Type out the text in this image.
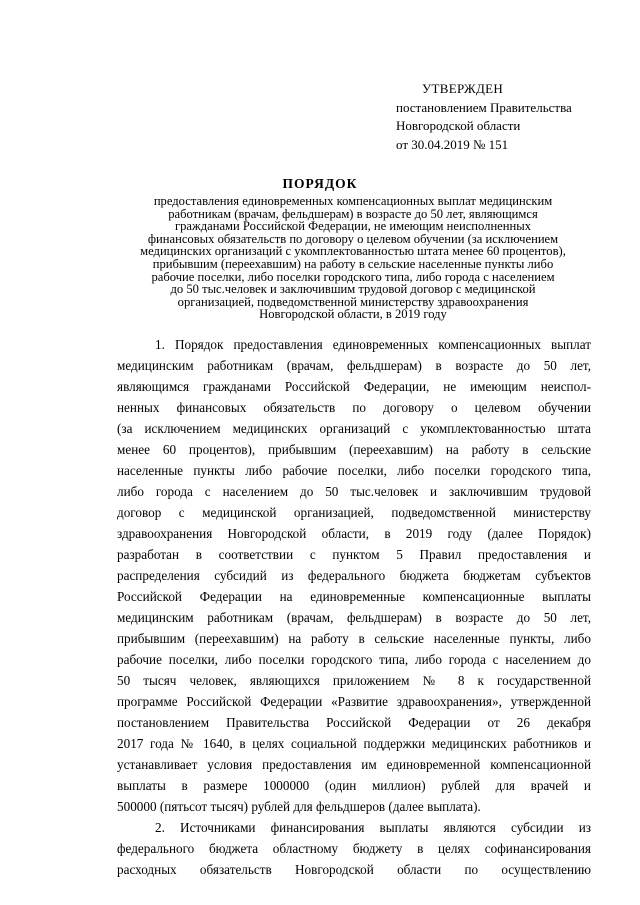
УТВЕРЖДЕН
постановлением Правительства
Новгородской области
от 30.04.2019 № 151
ПОРЯДОК
предоставления единовременных компенсационных выплат медицинским
работникам (врачам, фельдшерам) в возрасте до 50 лет, являющимся
гражданами Российской Федерации, не имеющим неисполненных
финансовых обязательств по договору о целевом обучении (за исключением
медицинских организаций с укомплектованностью штата менее 60 процентов),
прибывшим (переехавшим) на работу в сельские населенные пункты либо
рабочие поселки, либо поселки городского типа, либо города с населением
до 50 тыс.человек и заключившим трудовой договор с медицинской
организацией, подведомственной министерству здравоохранения
Новгородской области, в 2019 году
1. Порядок предоставления единовременных компенсационных выплат
медицинским работникам (врачам, фельдшерам) в возрасте до 50 лет,
являющимся гражданами Российской Федерации, не имеющим неиспол-
ненных финансовых обязательств по договору о целевом обучении
(за исключением медицинских организаций с укомплектованностью штата
менее 60 процентов), прибывшим (переехавшим) на работу в сельские
населенные пункты либо рабочие поселки, либо поселки городского типа,
либо города с населением до 50 тыс.человек и заключившим трудовой
договор с медицинской организацией, подведомственной министерству
здравоохранения Новгородской области, в 2019 году (далее Порядок)
разработан в соответствии с пунктом 5 Правил предоставления и
распределения субсидий из федерального бюджета бюджетам субъектов
Российской Федерации на единовременные компенсационные выплаты
медицинским работникам (врачам, фельдшерам) в возрасте до 50 лет,
прибывшим (переехавшим) на работу в сельские населенные пункты, либо
рабочие поселки, либо поселки городского типа, либо города с населением до
50 тысяч человек, являющихся приложением № 8 к государственной
программе Российской Федерации «Развитие здравоохранения», утвержденной
постановлением Правительства Российской Федерации от 26 декабря
2017 года № 1640, в целях социальной поддержки медицинских работников и
устанавливает условия предоставления им единовременной компенсационной
выплаты в размере 1000000 (один миллион) рублей для врачей и
500000 (пятьсот тысяч) рублей для фельдшеров (далее выплата).
2. Источниками финансирования выплаты являются субсидии из
федерального бюджета областному бюджету в целях софинансирования
расходных обязательств Новгородской области по осуществлению
